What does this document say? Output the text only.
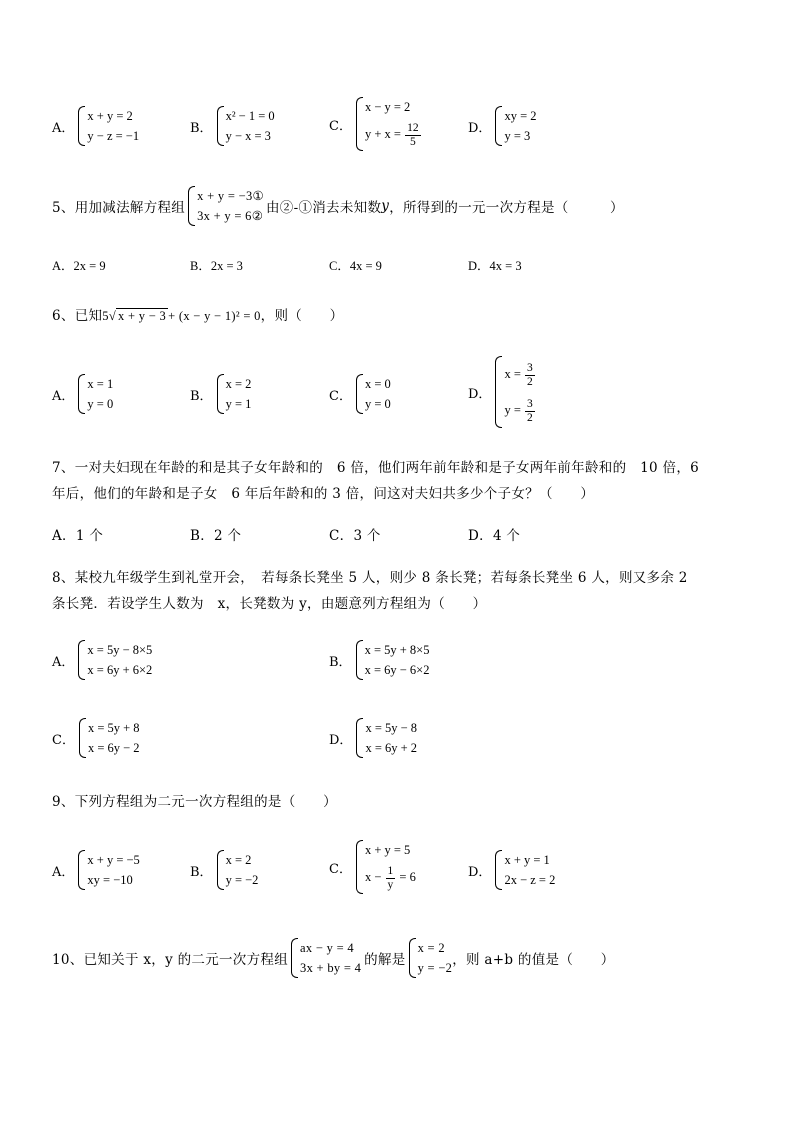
A．
x + y = 2
y − z = −1
B．
x² − 1 = 0
y − x = 3
C．
x − y = 2
$y + x = \frac{12}{5}$	D．
xy = 2
y = 3
5、用加减法解方程组
x + y = −3①
3x + y = 6② 由②-①消去未知数 y ，所得到的一元一次方程是（　　　）
A．2x = 9	B．2x = 3	C．4x = 9	D．4x = 3
6、已知5√ x + y − 3 + (x − y − 1)² = 0，则（　　）
A．
x = 1
y = 0
B．
x = 2
y = 1
C．
x = 0
y = 0
D．
$x = \frac{3}{2}$
$y = \frac{3}{2}$
7、一对夫妇现在年龄的和是其子女年龄和的　6 倍，他们两年前年龄和是子女两年前年龄和的　10 倍，6
年后，他们的年龄和是子女　6 年后年龄和的 3 倍，问这对夫妇共多少个子女？（　　）
A．1 个	B．2 个	C．3 个	D．4 个
8、某校九年级学生到礼堂开会，　若每条长凳坐 5 人，则少 8 条长凳；若每条长凳坐 6 人，则又多余 2
条长凳．若设学生人数为　x，长凳数为 y，由题意列方程组为（　　）
A．
x = 5y − 8×5
x = 6y + 6×2
B．
x = 5y + 8×5
x = 6y − 6×2
C．
x = 5y + 8
x = 6y − 2
D．
x = 5y − 8
x = 6y + 2
9、下列方程组为二元一次方程组的是（　　）
A．
x + y = −5
xy = −10
B．
x = 2
y = −2
C．
x + y = 5
$x - \frac{1}{y} = 6$	D．
x + y = 1
2x − z = 2
10、已知关于 x，y 的二元一次方程组
ax − y = 4
3x + by = 4 的解是
x = 2
y = −2 ，则 a+b 的值是（　　）
